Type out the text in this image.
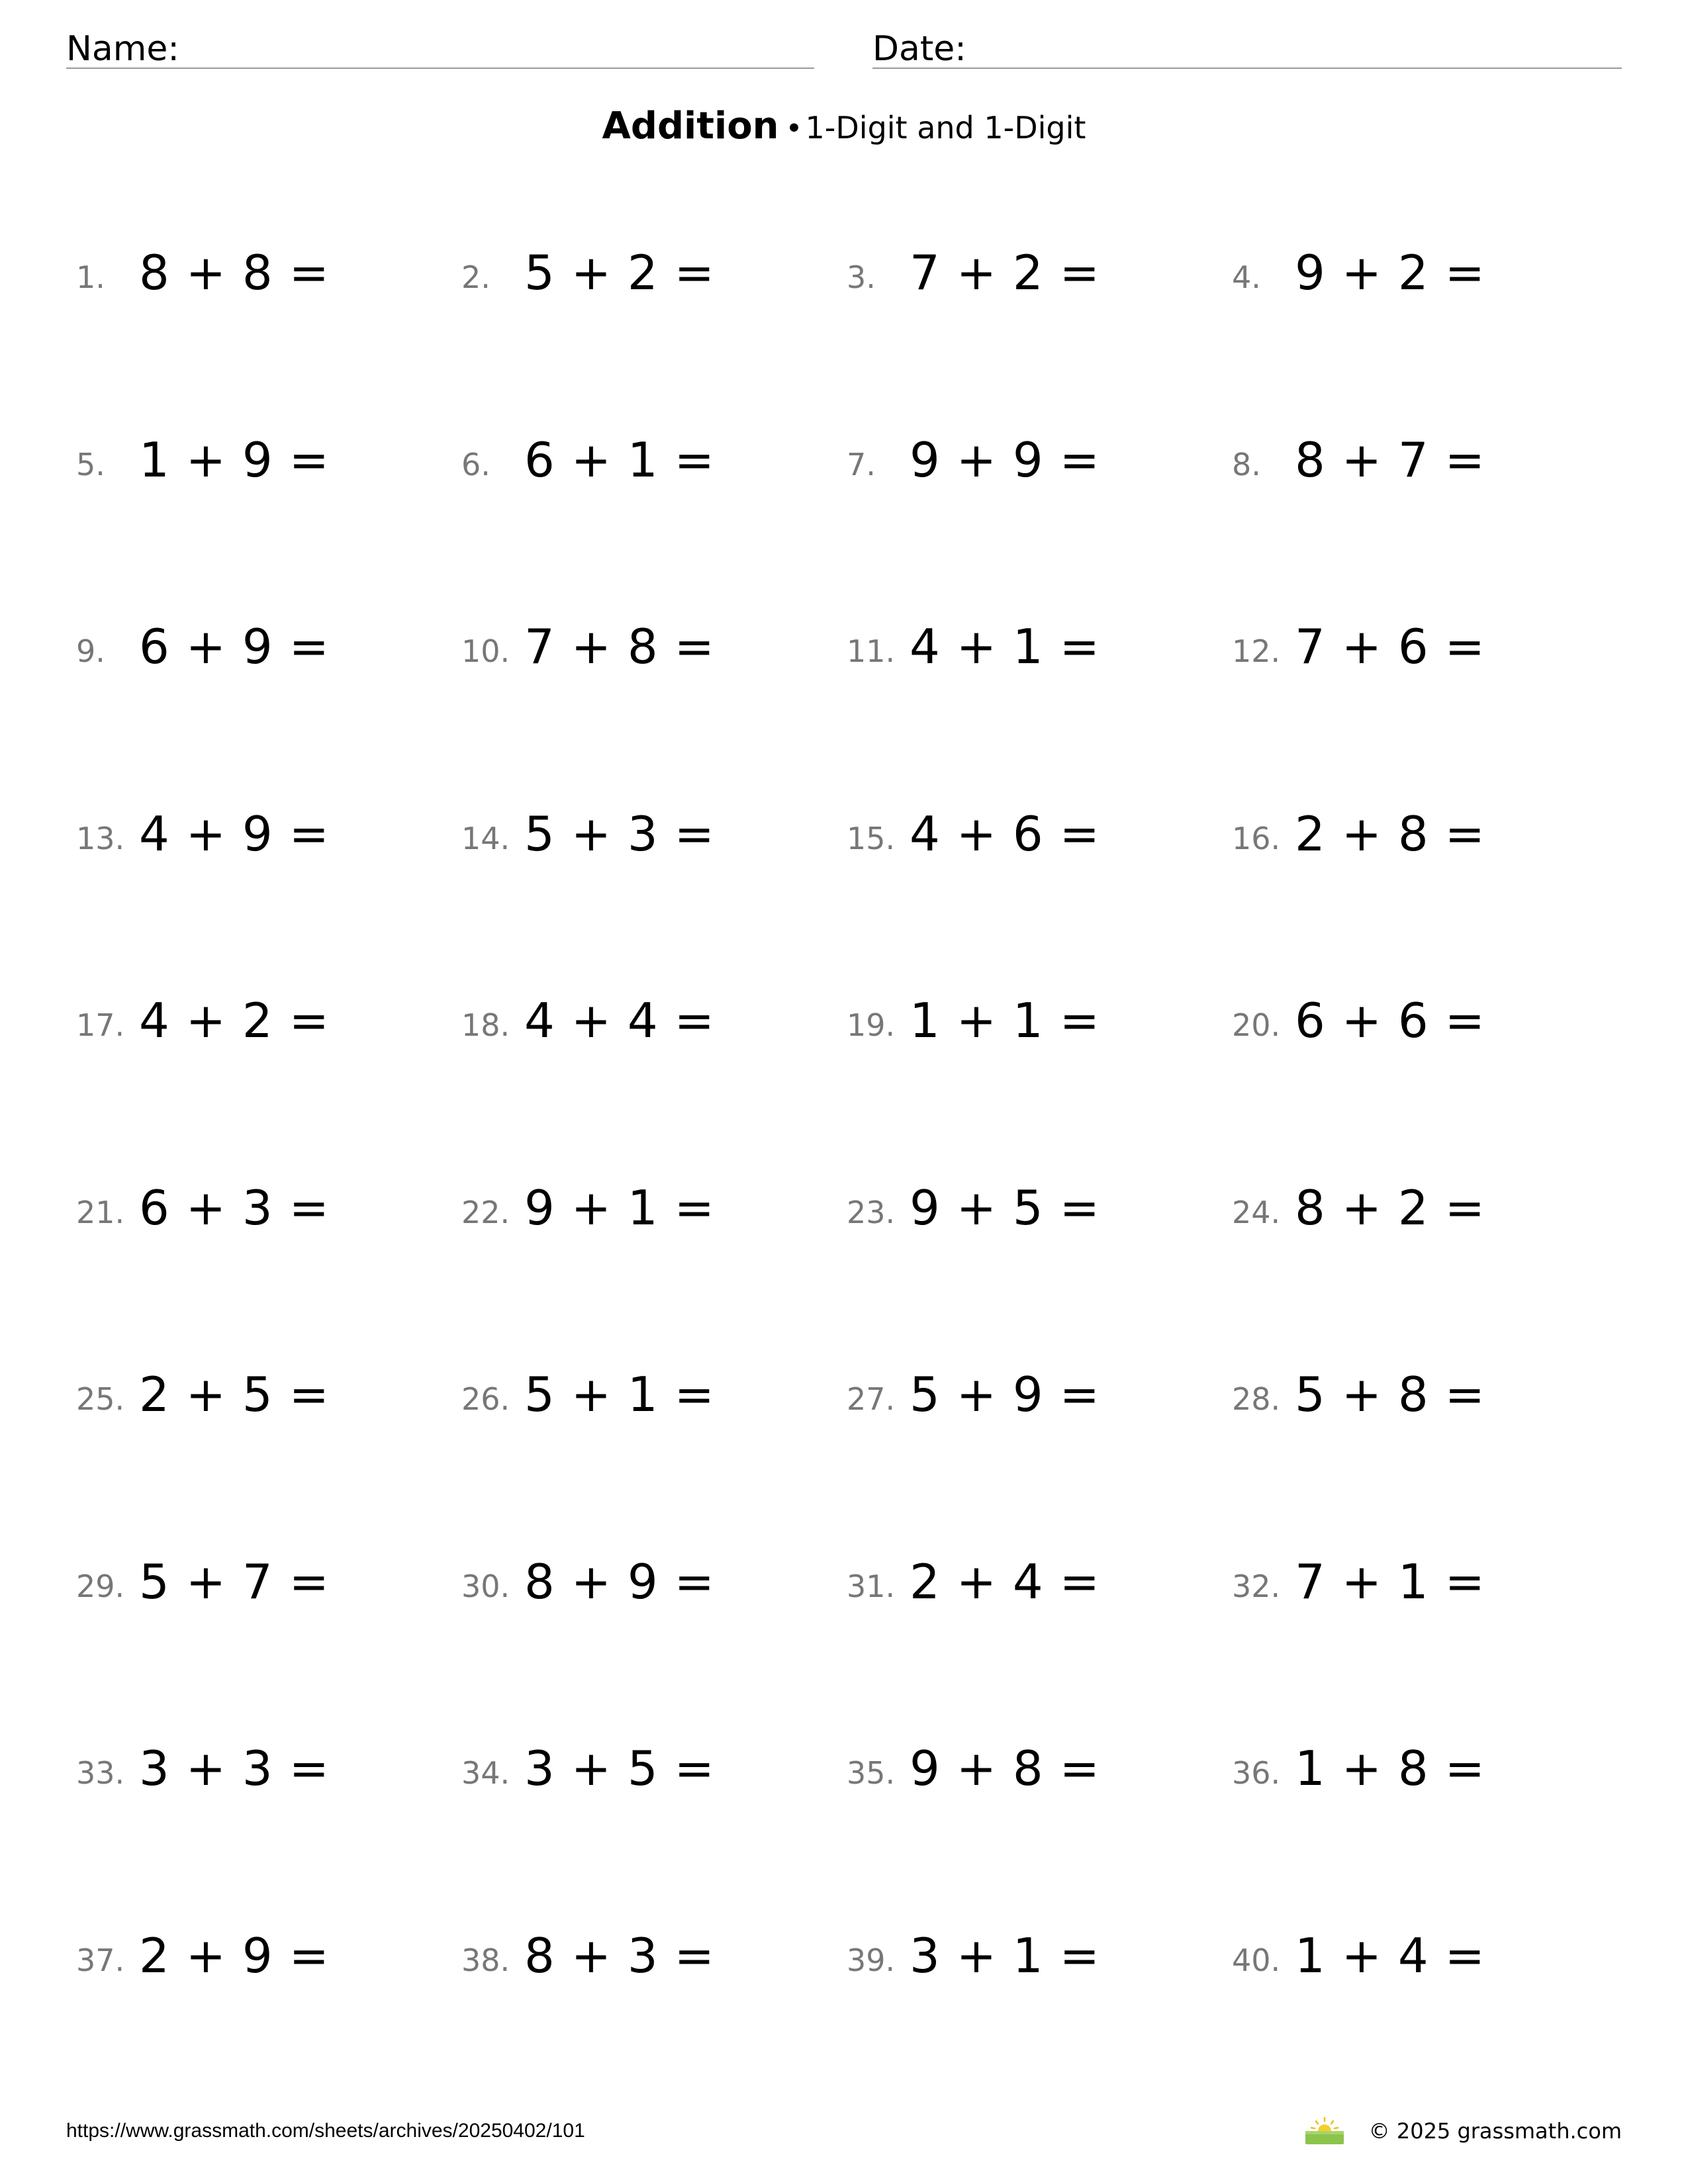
Name:	Date:
Addition •1-Digit and 1-Digit
1. 8 + 8 =	2. 5 + 2 =	3. 7 + 2 =	4. 9 + 2 =
5. 1 + 9 =	6. 6 + 1 =	7. 9 + 9 =	8. 8 + 7 =
9. 6 + 9 =	10. 7 + 8 =	11. 4 + 1 =	12. 7 + 6 =
13. 4 + 9 =	14. 5 + 3 =	15. 4 + 6 =	16. 2 + 8 =
17. 4 + 2 =	18. 4 + 4 =	19. 1 + 1 =	20. 6 + 6 =
21. 6 + 3 =	22. 9 + 1 =	23. 9 + 5 =	24. 8 + 2 =
25. 2 + 5 =	26. 5 + 1 =	27. 5 + 9 =	28. 5 + 8 =
29. 5 + 7 =	30. 8 + 9 =	31. 2 + 4 =	32. 7 + 1 =
33. 3 + 3 =	34. 3 + 5 =	35. 9 + 8 =	36. 1 + 8 =
37. 2 + 9 =	38. 8 + 3 =	39. 3 + 1 =	40. 1 + 4 =
https://www.grassmath.com/sheets/archives/20250402/101	© 2025 grassmath.com
